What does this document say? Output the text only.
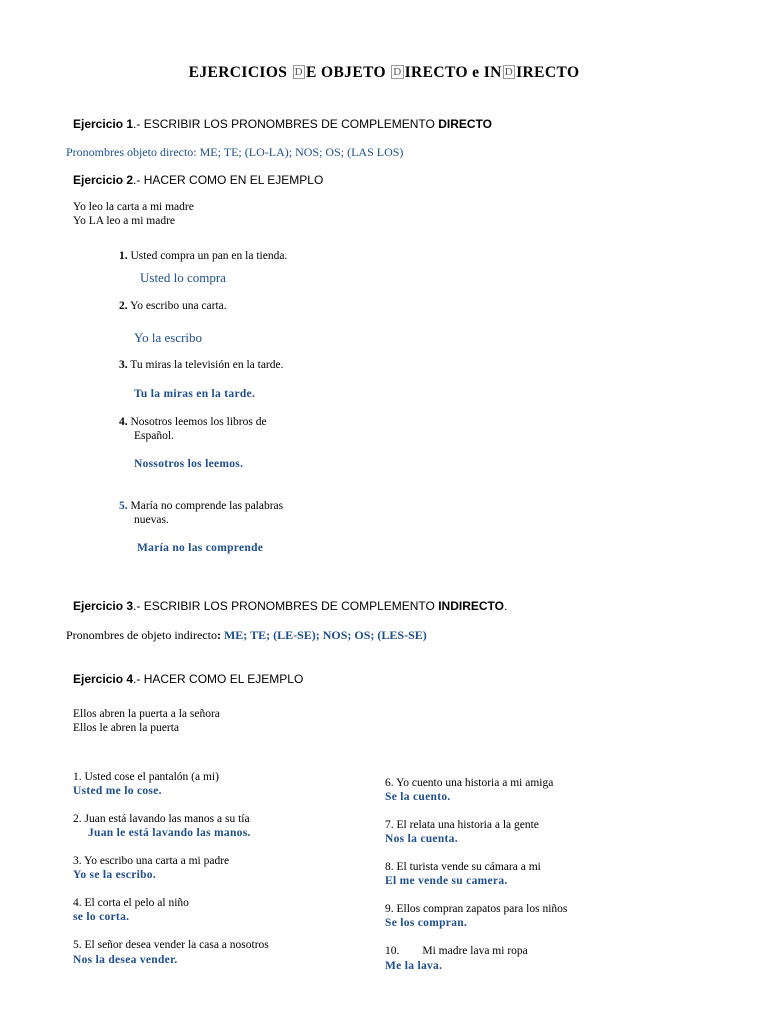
EJERCICIOS D E OBJETO D IRECTO e IN D IRECTO
Ejercicio 1.- ESCRIBIR LOS PRONOMBRES DE COMPLEMENTO DIRECTO
Pronombres objeto directo: ME; TE; (LO-LA); NOS; OS; (LAS LOS)
Ejercicio 2.- HACER COMO EN EL EJEMPLO
Yo leo la carta a mi madre
Yo LA leo a mi madre
1. Usted compra un pan en la tienda.
Usted lo compra
2. Yo escribo una carta.
Yo la escribo
3. Tu miras la televisión en la tarde.
Tu la miras en la tarde.
4. Nosotros leemos los libros de
Español.
Nossotros los leemos.
5. María no comprende las palabras
nuevas.
María no las comprende
Ejercicio 3.- ESCRIBIR LOS PRONOMBRES DE COMPLEMENTO INDIRECTO.
Pronombres de objeto indirecto: ME; TE; (LE-SE); NOS; OS; (LES-SE)
Ejercicio 4.- HACER COMO EL EJEMPLO
Ellos abren la puerta a la señora
Ellos le abren la puerta
1. Usted cose el pantalón (a mi)
Usted me lo cose.
2. Juan está lavando las manos a su tía
Juan le está lavando las manos.
3. Yo escribo una carta a mi padre
Yo se la escribo.
4. El corta el pelo al niño
se lo corta.
5. El señor desea vender la casa a nosotros
Nos la desea vender.
6. Yo cuento una historia a mi amiga
Se la cuento.
7. El relata una historia a la gente
Nos la cuenta.
8. El turista vende su cámara a mi
El me vende su camera.
9. Ellos compran zapatos para los niños
Se los compran.
10.        Mi madre lava mi ropa
Me la lava.
